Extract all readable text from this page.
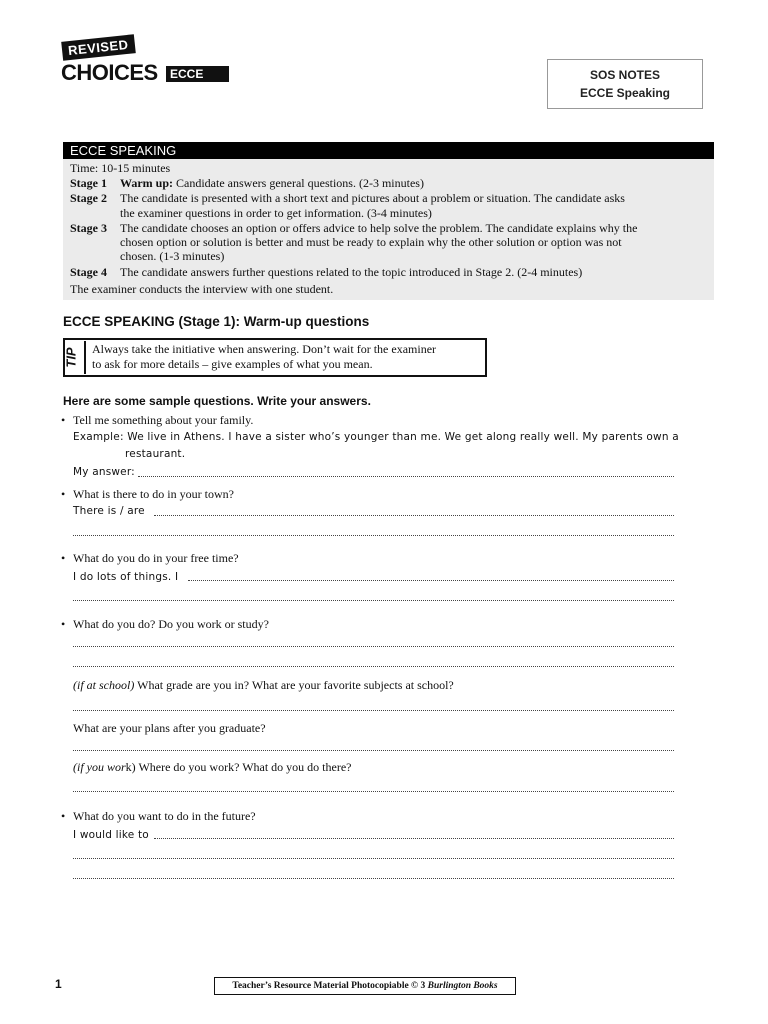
REVISED
CHOICES	ECCE	SOS NOTES
ECCE Speaking
ECCE SPEAKING
Time: 10-15 minutes
Stage 1 Warm up: Candidate answers general questions. (2-3 minutes)
Stage 2 The candidate is presented with a short text and pictures about a problem or situation. The candidate asks
the examiner questions in order to get information. (3-4 minutes)
Stage 3 The candidate chooses an option or offers advice to help solve the problem. The candidate explains why the
chosen option or solution is better and must be ready to explain why the other solution or option was not
chosen. (1-3 minutes)
Stage 4 The candidate answers further questions related to the topic introduced in Stage 2. (2-4 minutes)
The examiner conducts the interview with one student.
ECCE SPEAKING (Stage 1): Warm-up questions
TIP Always take the initiative when answering. Don’t wait for the examiner
to ask for more details – give examples of what you mean.
Here are some sample questions. Write your answers.
• Tell me something about your family.
Example: We live in Athens. I have a sister who’s younger than me. We get along really well. My parents own a
restaurant.
My answer:
• What is there to do in your town?
There is / are
• What do you do in your free time?
I do lots of things. I
• What do you do? Do you work or study?
(if at school) What grade are you in? What are your favorite subjects at school?
What are your plans after you graduate?
(if you work) Where do you work? What do you do there?
• What do you want to do in the future?
I would like to
1	Teacher’s Resource Material Photocopiable © 3 Burlington Books
